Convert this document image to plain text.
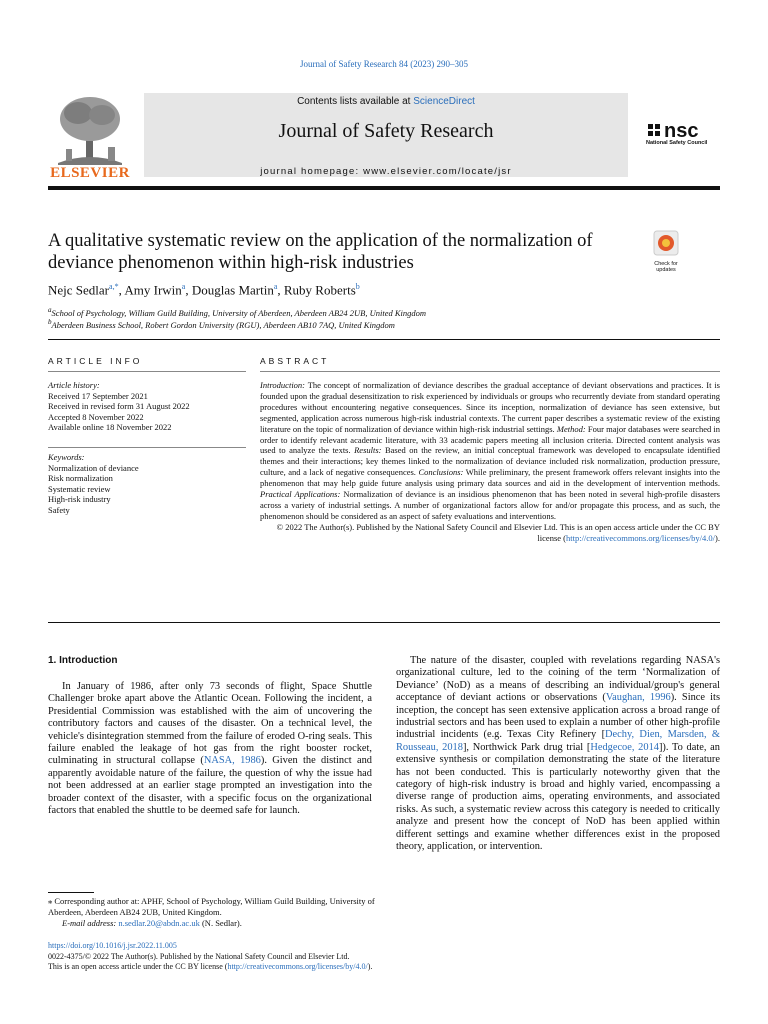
Journal of Safety Research 84 (2023) 290–305
Contents lists available at ScienceDirect
Journal of Safety Research
journal homepage: www.elsevier.com/locate/jsr
ELSEVIER
nsc
National Safety Council
A qualitative systematic review on the application of the normalization of deviance phenomenon within high-risk industries	Check for updates
Nejc Sedlar$^{a,*}$, Amy Irwin$^a$, Douglas Martin$^a$, Ruby Roberts$^b$
$^a$School of Psychology, William Guild Building, University of Aberdeen, Aberdeen AB24 2UB, United Kingdom
$^b$Aberdeen Business School, Robert Gordon University (RGU), Aberdeen AB10 7AQ, United Kingdom
ARTICLE INFO	ABSTRACT
Article history:
Received 17 September 2021
Received in revised form 31 August 2022
Accepted 8 November 2022
Available online 18 November 2022
Keywords:
Normalization of deviance
Risk normalization
Systematic review
High-risk industry
Safety

Introduction: The concept of normalization of deviance describes the gradual acceptance of deviant observations and practices. It is founded upon the gradual desensitization to risk experienced by individuals or groups who recurrently deviate from standard operating procedures without encountering negative consequences. Since its inception, normalization of deviance has seen extensive, but segmented, application across numerous high-risk industrial contexts. The current paper describes a systematic review of the existing literature on the topic of normalization of deviance within high-risk industrial settings. Method: Four major databases were searched in order to identify relevant academic literature, with 33 academic papers meeting all inclusion criteria. Directed content analysis was used to analyze the texts. Results: Based on the review, an initial conceptual framework was developed to encapsulate identified themes and their interactions; key themes linked to the normalization of deviance included risk normalization, production pressure, culture, and a lack of negative consequences. Conclusions: While preliminary, the present framework offers relevant insights into the phenomenon that may help guide future analysis using primary data sources and aid in the development of intervention methods. Practical Applications: Normalization of deviance is an insidious phenomenon that has been noted in several high-profile disasters across a variety of industrial settings. A number of organizational factors allow for and/or propagate this process, and as such, the phenomenon should be considered as an aspect of safety evaluations and interventions.

© 2022 The Author(s). Published by the National Safety Council and Elsevier Ltd. This is an open access article under the CC BY license (http://creativecommons.org/licenses/by/4.0/).

1. Introduction

In January of 1986, after only 73 seconds of flight, Space Shuttle Challenger broke apart above the Atlantic Ocean. Following the incident, a Presidential Commission was established with the aim of uncovering the contributory factors and causes of the disaster. On a technical level, the vehicle's disintegration stemmed from the failure of eroded O-ring seals. This failure enabled the leakage of hot gas from the right booster rocket, culminating in structural collapse (NASA, 1986). Given the distinct and apparently avoidable nature of the failure, the question of why the issue had not been addressed at an earlier stage prompted an investigation into the broader context of the disaster, with a specific focus on the organizational factors that enabled the shuttle to be deemed safe for launch.

The nature of the disaster, coupled with revelations regarding NASA's organizational culture, led to the coining of the term ‘Normalization of Deviance’ (NoD) as a means of describing an individual/group's general acceptance of deviant actions or observations (Vaughan, 1996). Since its inception, the concept has seen extensive application across a broad range of industrial sectors and has been used to explain a number of other high-profile industrial incidents (e.g. Texas City Refinery [Dechy, Dien, Marsden, & Rousseau, 2018], Northwick Park drug trial [Hedgecoe, 2014]). To date, an extensive synthesis or compilation demonstrating the state of the literature has not been conducted. This is particularly noteworthy given that the category of high-risk industry is broad and highly varied, encompassing a diverse range of production aims, operating environments, and associated risks. As such, a systematic review across this category is needed to critically analyze and present how the concept of NoD has been applied within different settings and examine whether differences exist in the proposed theory, application, or intervention.

⁎ Corresponding author at: APHF, School of Psychology, William Guild Building, University of Aberdeen, Aberdeen AB24 2UB, United Kingdom.
E-mail address: n.sedlar.20@abdn.ac.uk (N. Sedlar).
https://doi.org/10.1016/j.jsr.2022.11.005
0022-4375/© 2022 The Author(s). Published by the National Safety Council and Elsevier Ltd.
This is an open access article under the CC BY license (http://creativecommons.org/licenses/by/4.0/).
